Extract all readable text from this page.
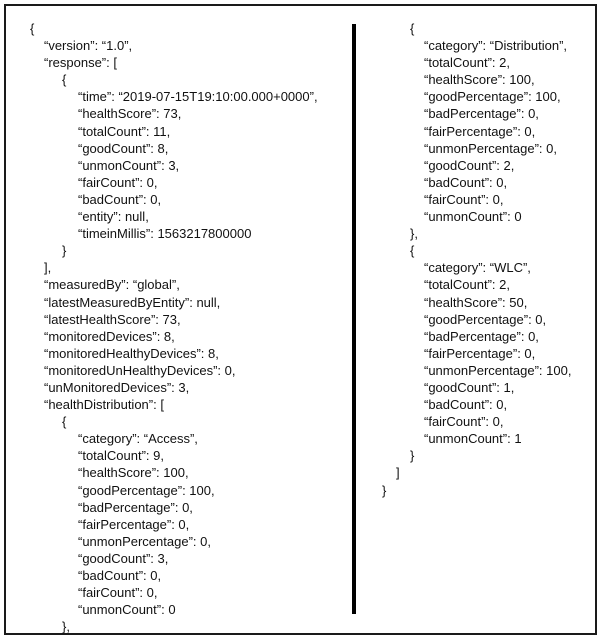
{
“version”: “1.0”,
“response”: [
{
“time”: “2019-07-15T19:10:00.000+0000”,
“healthScore”: 73,
“totalCount”: 11,
“goodCount”: 8,
“unmonCount”: 3,
“fairCount”: 0,
“badCount”: 0,
“entity”: null,
“timeinMillis”: 1563217800000
}
],
“measuredBy”: “global”,
“latestMeasuredByEntity”: null,
“latestHealthScore”: 73,
“monitoredDevices”: 8,
“monitoredHealthyDevices”: 8,
“monitoredUnHealthyDevices”: 0,
“unMonitoredDevices”: 3,
“healthDistribution”: [
{
“category”: “Access”,
“totalCount”: 9,
“healthScore”: 100,
“goodPercentage”: 100,
“badPercentage”: 0,
“fairPercentage”: 0,
“unmonPercentage”: 0,
“goodCount”: 3,
“badCount”: 0,
“fairCount”: 0,
“unmonCount”: 0
},
{
“category”: “Distribution”,
“totalCount”: 2,
“healthScore”: 100,
“goodPercentage”: 100,
“badPercentage”: 0,
“fairPercentage”: 0,
“unmonPercentage”: 0,
“goodCount”: 2,
“badCount”: 0,
“fairCount”: 0,
“unmonCount”: 0
},
{
“category”: “WLC”,
“totalCount”: 2,
“healthScore”: 50,
“goodPercentage”: 0,
“badPercentage”: 0,
“fairPercentage”: 0,
“unmonPercentage”: 100,
“goodCount”: 1,
“badCount”: 0,
“fairCount”: 0,
“unmonCount”: 1
}
]
}
